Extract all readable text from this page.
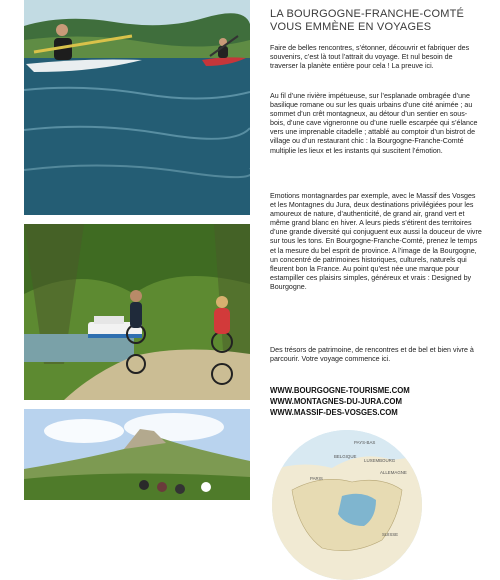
LA BOURGOGNE-FRANCHE-COMTÉ
VOUS EMMÈNE EN VOYAGES

Faire de belles rencontres, s’étonner, découvrir et fabriquer des souvenirs, c’est là tout l’attrait du voyage. Et nul besoin de traverser la planète entière pour cela ! La preuve ici.

Au fil d’une rivière impétueuse, sur l’esplanade ombragée d’une basilique romane ou sur les quais urbains d’une cité animée ; au sommet d’un crêt montagneux, au détour d’un sentier en sous-bois, d’une cave vigneronne ou d’une ruelle escarpée qui s’élance vers une imprenable citadelle ; attablé au comptoir d’un bistrot de village ou d’un restaurant chic : la Bourgogne-Franche-Comté multiplie les lieux et les instants qui suscitent l’émotion.

Emotions montagnardes par exemple, avec le Massif des Vosges et les Montagnes du Jura, deux destinations privilégiées pour les amoureux de nature, d’authenticité, de grand air, grand vert et même grand blanc en hiver. A leurs pieds s’étirent des territoires d’une grande diversité qui conjuguent eux aussi la douceur de vivre sur tous les tons. En Bourgogne-Franche-Comté, prenez le temps et la mesure du bel esprit de province. A l’image de la Bourgogne, un concentré de patrimoines historiques, culturels, naturels qui fleurent bon la France. Au point qu’est née une marque pour estampiller ces plaisirs simples, généreux et vrais : Designed by Bourgogne.

Des trésors de patrimoine, de rencontres et de bel et bien vivre à parcourir. Votre voyage commence ici.

WWW.BOURGOGNE-TOURISME.COM
WWW.MONTAGNES-DU-JURA.COM
WWW.MASSIF-DES-VOSGES.COM
PAYS-BAS
BELGIQUE
LUXEMBOURG
ALLEMAGNE
PARIS
SUISSE
